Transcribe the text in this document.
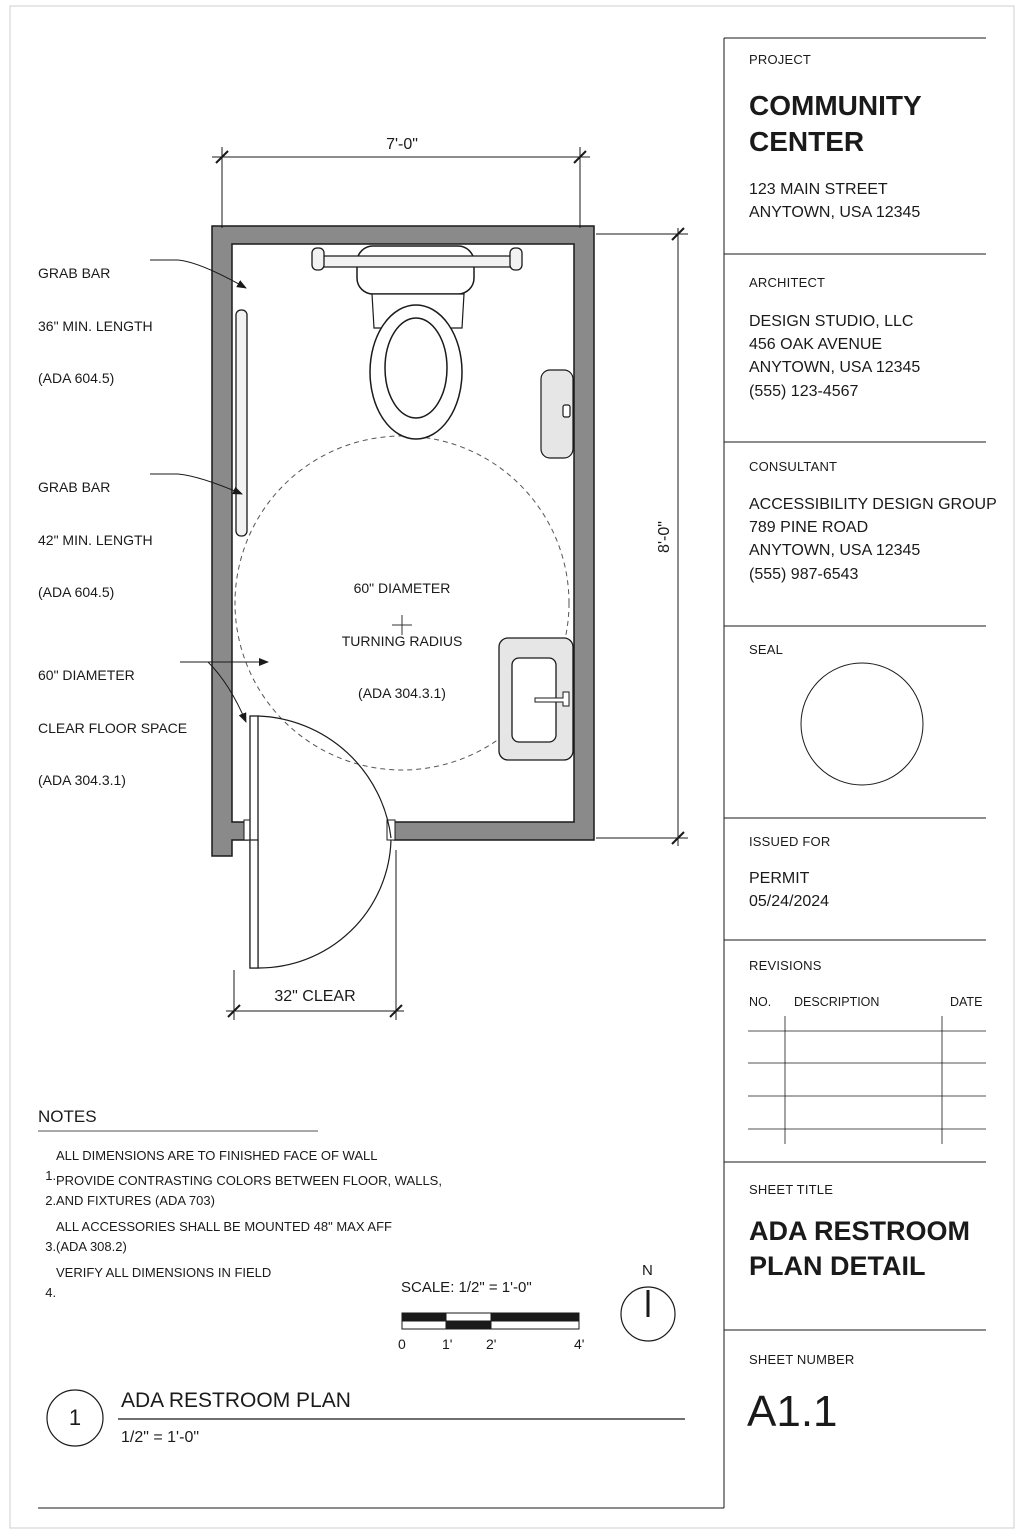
7'-0"
8'-0"
32" CLEAR

GRAB BAR

36" MIN. LENGTH

(ADA 604.5)

GRAB BAR

42" MIN. LENGTH

(ADA 604.5)

60" DIAMETER

CLEAR FLOOR SPACE

(ADA 304.3.1)

60" DIAMETER

TURNING RADIUS

(ADA 304.3.1)

NOTES

1.

ALL DIMENSIONS ARE TO FINISHED FACE OF WALL

2.

PROVIDE CONTRASTING COLORS BETWEEN FLOOR, WALLS,
AND FIXTURES (ADA 703)

3.

ALL ACCESSORIES SHALL BE MOUNTED 48" MAX AFF
(ADA 308.2)

4.

VERIFY ALL DIMENSIONS IN FIELD
SCALE: 1/2" = 1'-0"
0	1' 2'	4'
N
1
ADA RESTROOM PLAN
1/2" = 1'-0"
PROJECT
COMMUNITY
CENTER
123 MAIN STREET
ANYTOWN, USA 12345
ARCHITECT
DESIGN STUDIO, LLC
456 OAK AVENUE
ANYTOWN, USA 12345
(555) 123-4567
CONSULTANT
ACCESSIBILITY DESIGN GROUP
789 PINE ROAD
ANYTOWN, USA 12345
(555) 987-6543
SEAL
ISSUED FOR
PERMIT
05/24/2024
REVISIONS
NO. DESCRIPTION	DATE
SHEET TITLE
ADA RESTROOM
PLAN DETAIL
SHEET NUMBER
A1.1
